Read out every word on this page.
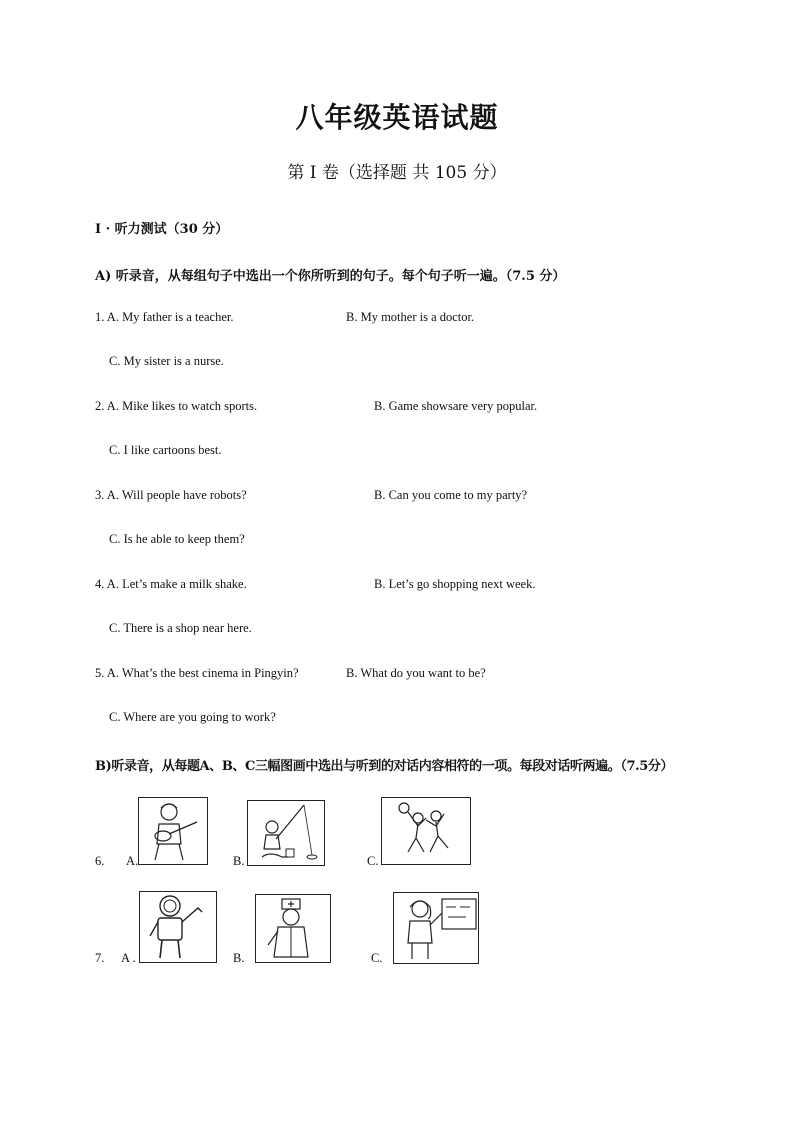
八年级英语试题
第 I 卷（选择题 共 105 分）
I · 听力测试（30 分）
A) 听录音，从每组句子中选出一个你所听到的句子。每个句子听一遍。（7.5 分）
1. A. My father is a teacher.	B. My mother is a doctor.
C. My sister is a nurse.
2. A. Mike likes to watch sports.	B. Game showsare very popular.
C. I like cartoons best.
3. A. Will people have robots?	B. Can you come to my party?
C. Is he able to keep them?
4. A. Let’s make a milk shake.	B. Let’s go shopping next week.
C. There is a shop near here.
5. A. What’s the best cinema in Pingyin?	B. What do you want to be?
C. Where are you going to work?
B)听录音，从每题A、B、C三幅图画中选出与听到的对话内容相符的一项。每段对话听两遍。（7.5分）
6. A.	B.	C.
7. A .	B.	C.
